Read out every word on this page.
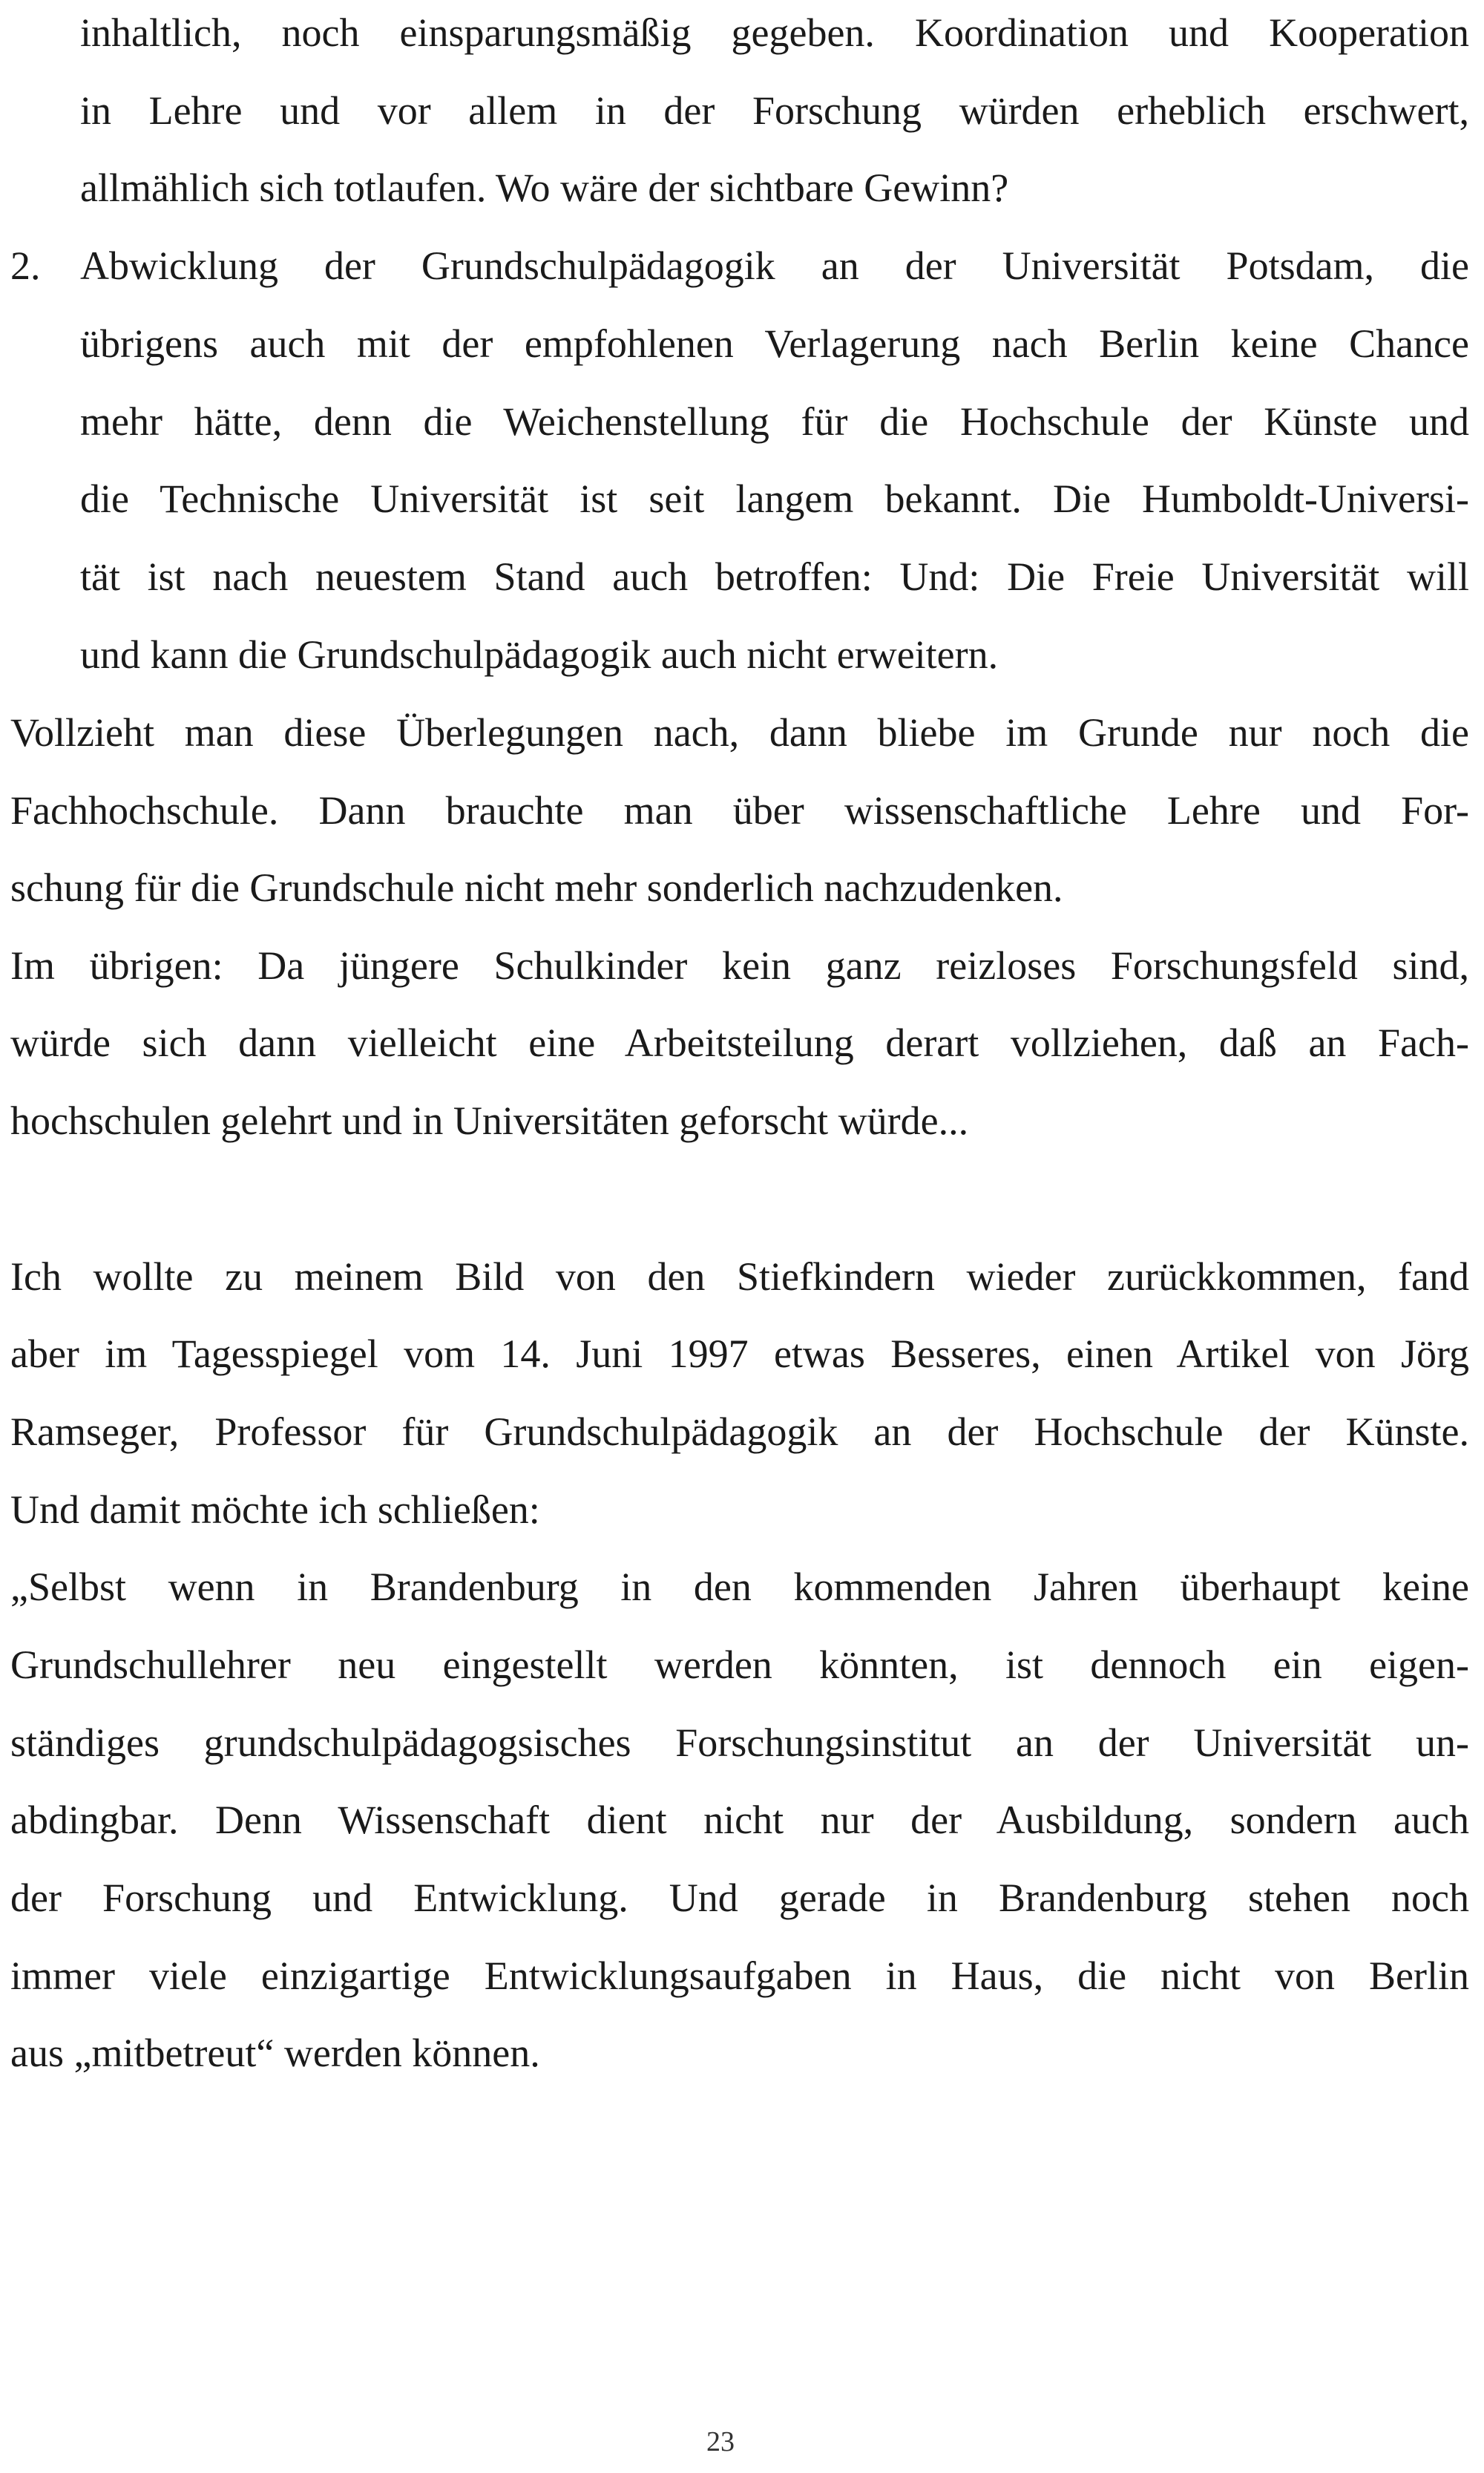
inhaltlich, noch einsparungsmäßig gegeben. Koordination und Kooperation
in Lehre und vor allem in der Forschung würden erheblich erschwert,
allmählich sich totlaufen. Wo wäre der sichtbare Gewinn?
2. Abwicklung der Grundschulpädagogik an der Universität Potsdam, die
übrigens auch mit der empfohlenen Verlagerung nach Berlin keine Chance
mehr hätte, denn die Weichenstellung für die Hochschule der Künste und
die Technische Universität ist seit langem bekannt. Die Humboldt-Universi-
tät ist nach neuestem Stand auch betroffen: Und: Die Freie Universität will
und kann die Grundschulpädagogik auch nicht erweitern.
Vollzieht man diese Überlegungen nach, dann bliebe im Grunde nur noch die
Fachhochschule. Dann brauchte man über wissenschaftliche Lehre und For-
schung für die Grundschule nicht mehr sonderlich nachzudenken.
Im übrigen: Da jüngere Schulkinder kein ganz reizloses Forschungsfeld sind,
würde sich dann vielleicht eine Arbeitsteilung derart vollziehen, daß an Fach-
hochschulen gelehrt und in Universitäten geforscht würde...
Ich wollte zu meinem Bild von den Stiefkindern wieder zurückkommen, fand
aber im Tagesspiegel vom 14. Juni 1997 etwas Besseres, einen Artikel von Jörg
Ramseger, Professor für Grundschulpädagogik an der Hochschule der Künste.
Und damit möchte ich schließen:
„Selbst wenn in Brandenburg in den kommenden Jahren überhaupt keine
Grundschullehrer neu eingestellt werden könnten, ist dennoch ein eigen-
ständiges grundschulpädagogsisches Forschungsinstitut an der Universität un-
abdingbar. Denn Wissenschaft dient nicht nur der Ausbildung, sondern auch
der Forschung und Entwicklung. Und gerade in Brandenburg stehen noch
immer viele einzigartige Entwicklungsaufgaben in Haus, die nicht von Berlin
aus „mitbetreut“ werden können.
23
